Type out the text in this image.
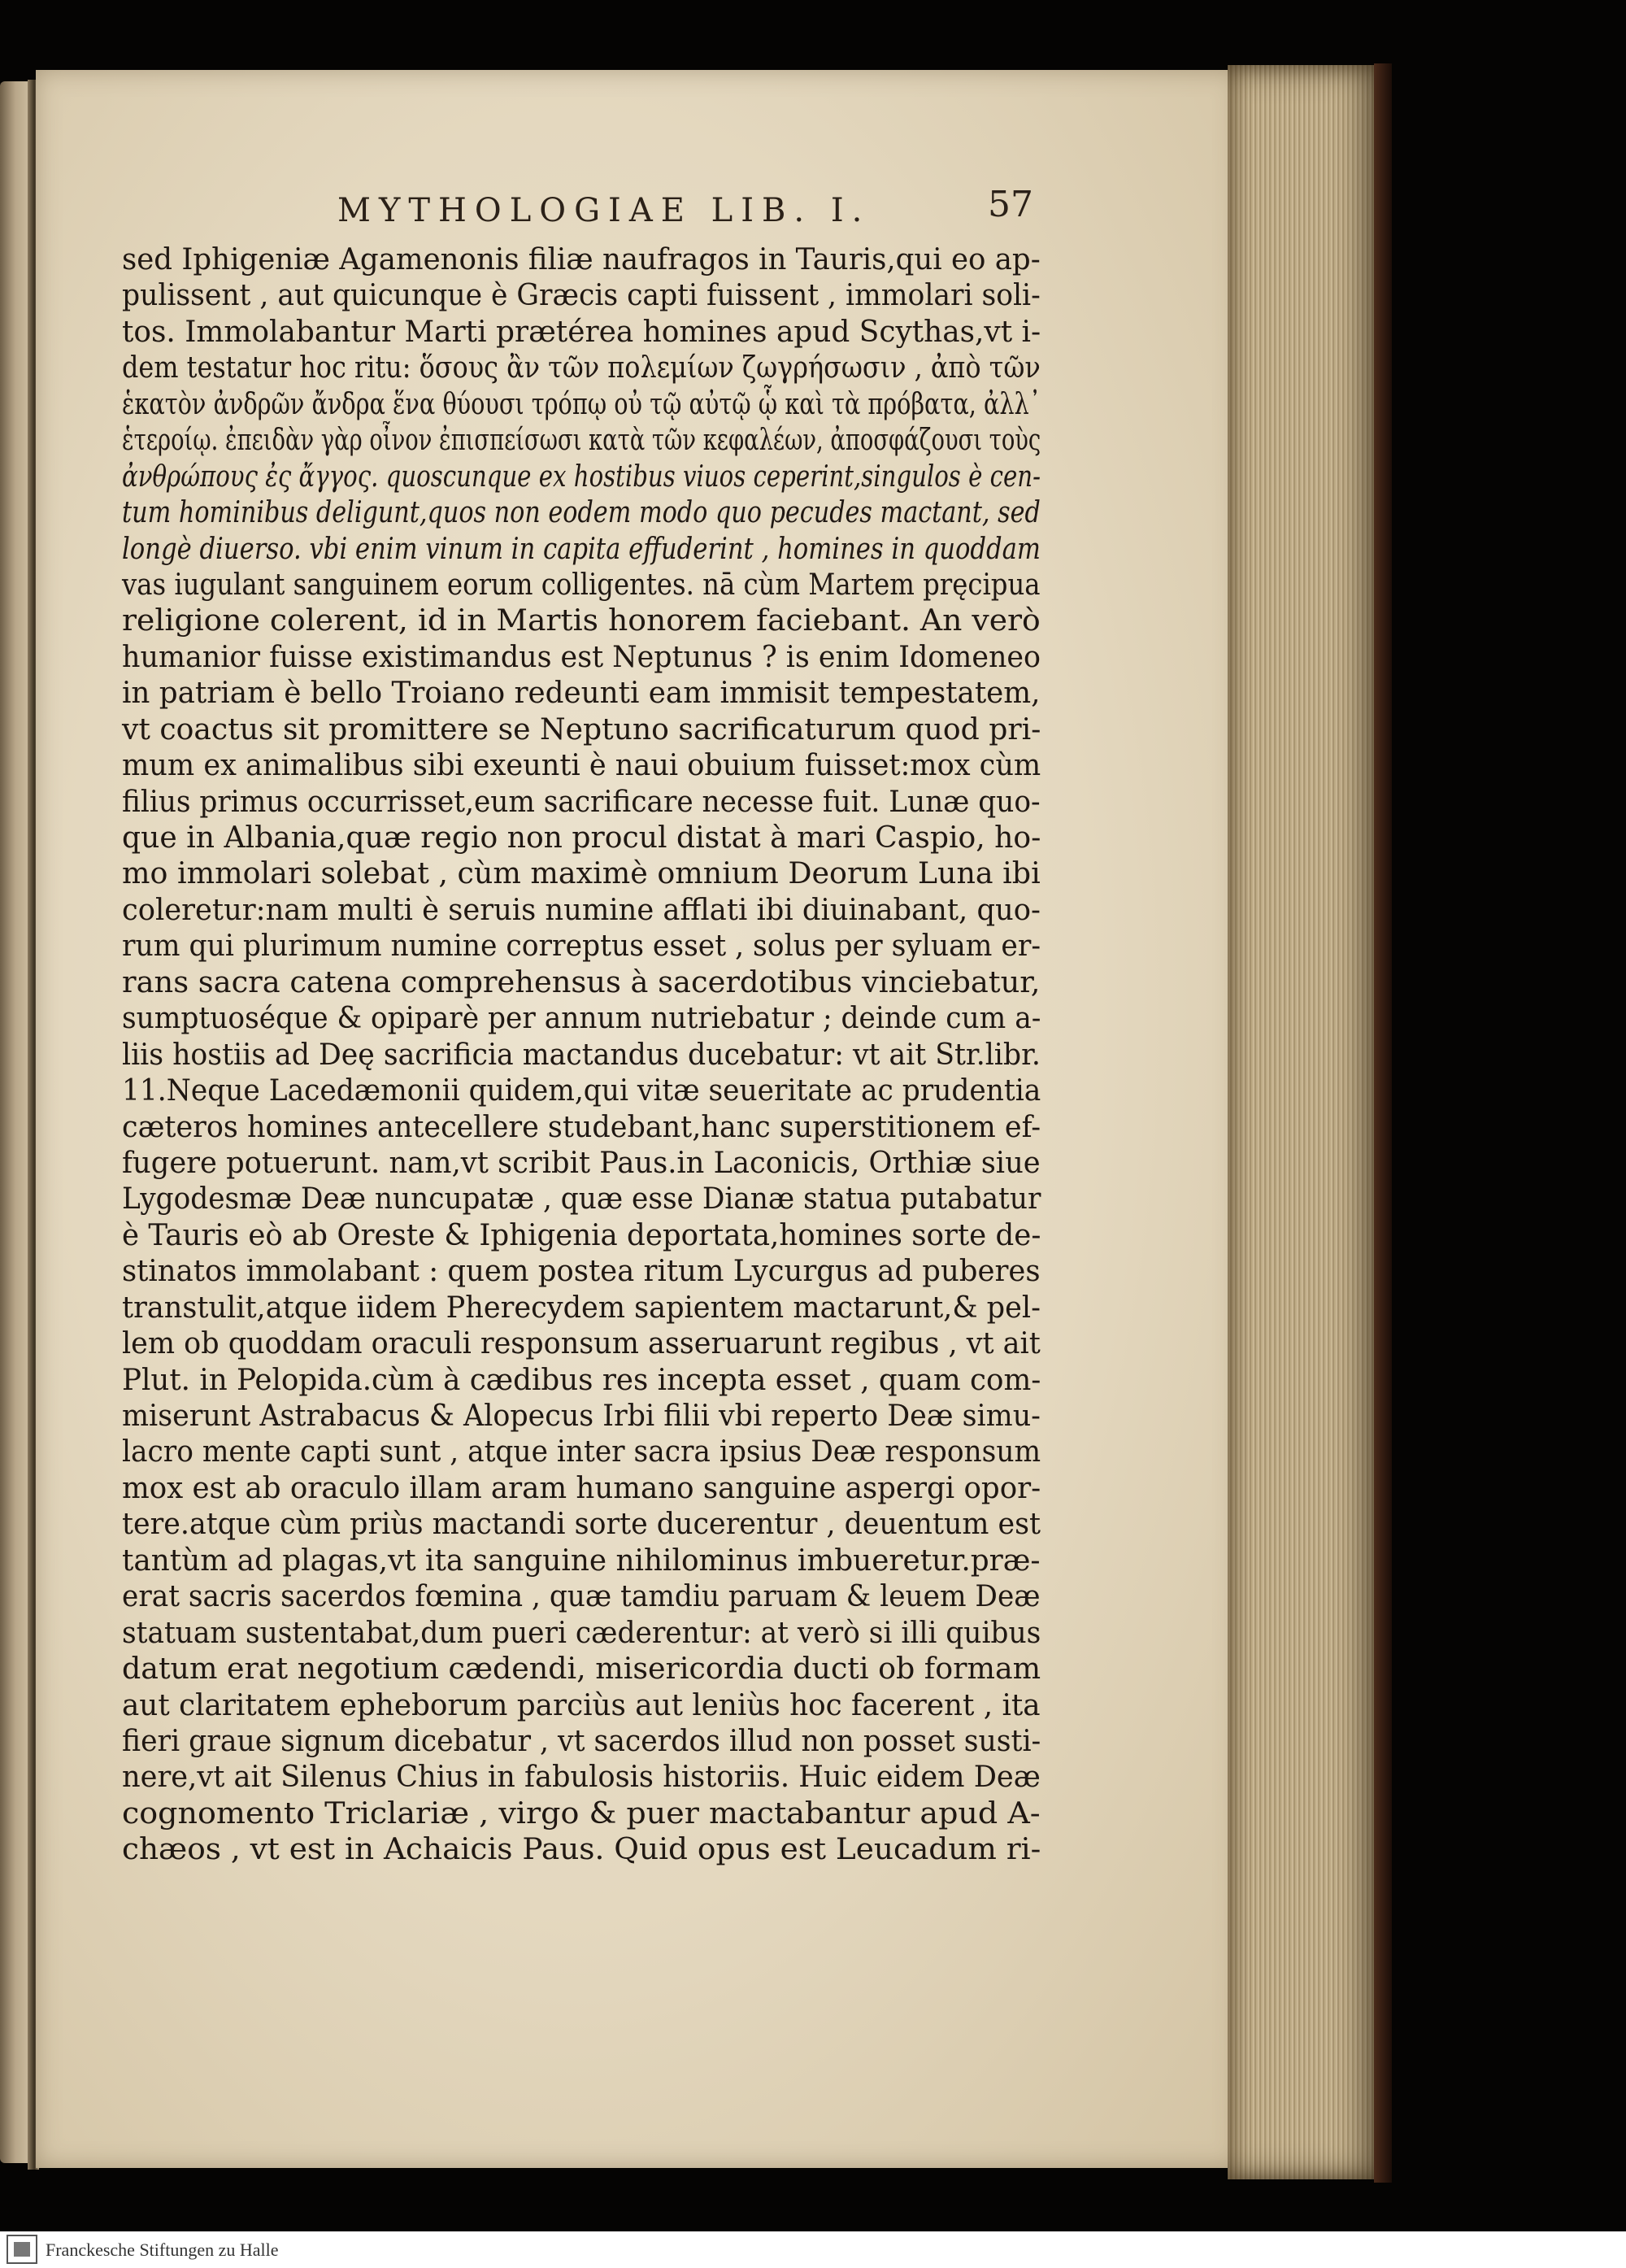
MYTHOLOGIAE LIB. I.	57
sed Iphigeniæ Agamenonis filiæ naufragos in Tauris,qui eo ap-
pulissent , aut quicunque è Græcis capti fuissent , immolari soli-
tos. Immolabantur Marti prætérea homines apud Scythas,vt i-
dem testatur hoc ritu: ὅσους ἂν τῶν πολεμίων ζωγρήσωσιν , ἀπὸ τῶν
ἑκατὸν ἀνδρῶν ἄνδρα ἕνα θύουσι τρόπῳ οὐ τῷ αὐτῷ ᾧ καὶ τὰ πρόβατα, ἀλλ᾽
ἑτεροίῳ. ἐπειδὰν γὰρ οἶνον ἐπισπείσωσι κατὰ τῶν κεφαλέων, ἀποσφάζουσι τοὺς
ἀνθρώπους ἐς ἄγγος. quoscunque ex hostibus viuos ceperint,singulos è cen-
tum hominibus deligunt,quos non eodem modo quo pecudes mactant, sed
longè diuerso. vbi enim vinum in capita effuderint , homines in quoddam
vas iugulant sanguinem eorum colligentes. nā cùm Martem pręcipua
religione colerent, id in Martis honorem faciebant. An verò
humanior fuisse existimandus est Neptunus ? is enim Idomeneo
in patriam è bello Troiano redeunti eam immisit tempestatem,
vt coactus sit promittere se Neptuno sacrificaturum quod pri-
mum ex animalibus sibi exeunti è naui obuium fuisset:mox cùm
filius primus occurrisset,eum sacrificare necesse fuit. Lunæ quo-
que in Albania,quæ regio non procul distat à mari Caspio, ho-
mo immolari solebat , cùm maximè omnium Deorum Luna ibi
coleretur:nam multi è seruis numine afflati ibi diuinabant, quo-
rum qui plurimum numine correptus esset , solus per syluam er-
rans sacra catena comprehensus à sacerdotibus vinciebatur,
sumptuoséque & opiparè per annum nutriebatur ; deinde cum a-
liis hostiis ad Deę sacrificia mactandus ducebatur: vt ait Str.libr.
11.Neque Lacedæmonii quidem,qui vitæ seueritate ac prudentia
cæteros homines antecellere studebant,hanc superstitionem ef-
fugere potuerunt. nam,vt scribit Paus.in Laconicis, Orthiæ siue
Lygodesmæ Deæ nuncupatæ , quæ esse Dianæ statua putabatur
è Tauris eò ab Oreste & Iphigenia deportata,homines sorte de-
stinatos immolabant : quem postea ritum Lycurgus ad puberes
transtulit,atque iidem Pherecydem sapientem mactarunt,& pel-
lem ob quoddam oraculi responsum asseruarunt regibus , vt ait
Plut. in Pelopida.cùm à cædibus res incepta esset , quam com-
miserunt Astrabacus & Alopecus Irbi filii vbi reperto Deæ simu-
lacro mente capti sunt , atque inter sacra ipsius Deæ responsum
mox est ab oraculo illam aram humano sanguine aspergi opor-
tere.atque cùm priùs mactandi sorte ducerentur , deuentum est
tantùm ad plagas,vt ita sanguine nihilominus imbueretur.præ-
erat sacris sacerdos fœmina , quæ tamdiu paruam & leuem Deæ
statuam sustentabat,dum pueri cæderentur: at verò si illi quibus
datum erat negotium cædendi, misericordia ducti ob formam
aut claritatem epheborum parciùs aut leniùs hoc facerent , ita
fieri graue signum dicebatur , vt sacerdos illud non posset susti-
nere,vt ait Silenus Chius in fabulosis historiis. Huic eidem Deæ
cognomento Triclariæ , virgo & puer mactabantur apud A-
chæos , vt est in Achaicis Paus. Quid opus est Leucadum ri-
Franckesche Stiftungen zu Halle
